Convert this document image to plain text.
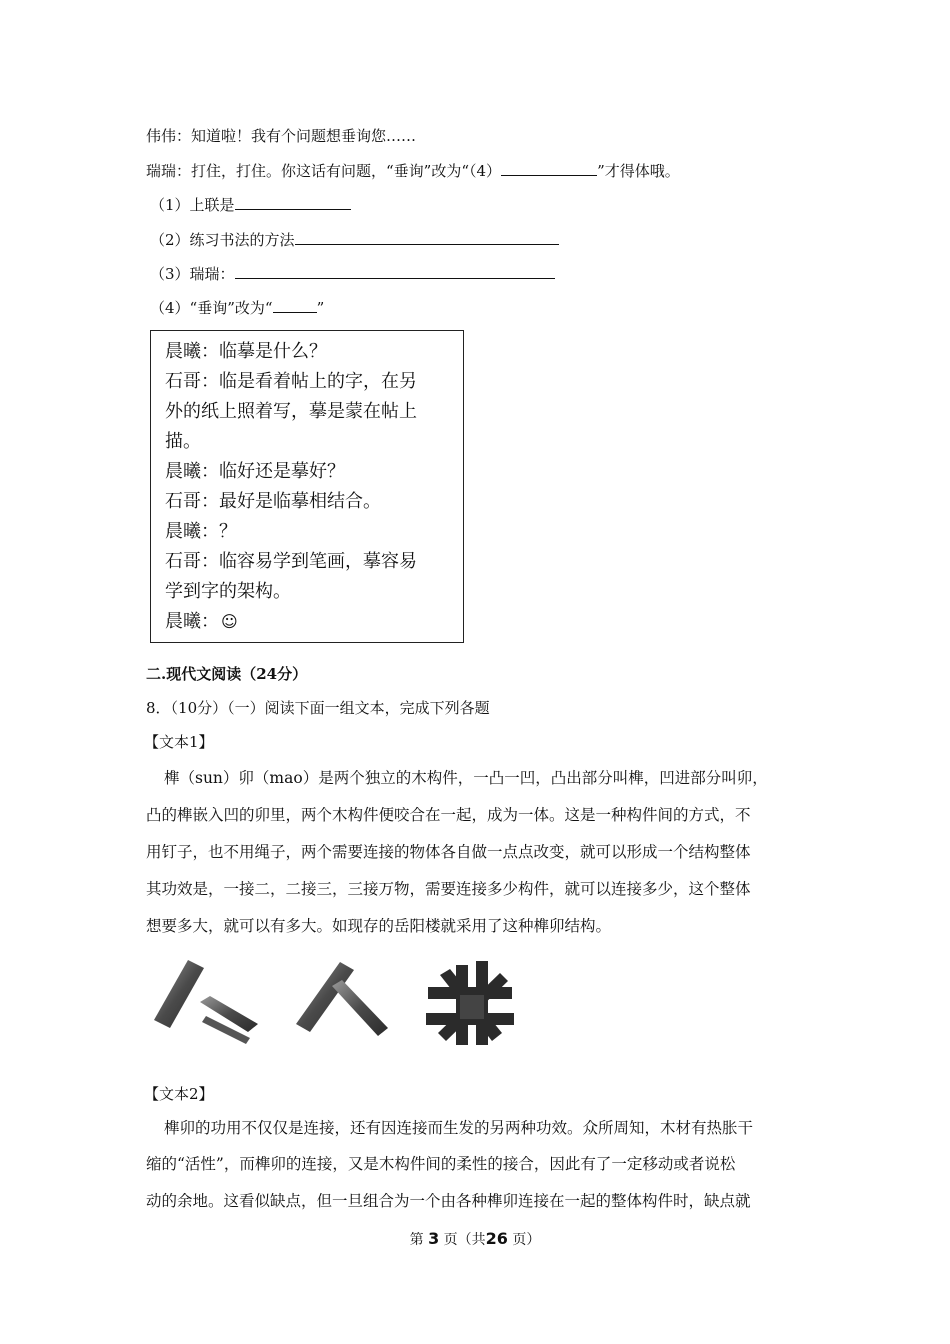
伟伟：知道啦！我有个问题想垂询您……
瑞瑞：打住，打住。你这话有问题，“垂询”改为“（4）	”才得体哦。
（1）上联是
（2）练习书法的方法
（3）瑞瑞：
（4）“垂询”改为“	”
晨曦：临摹是什么？
石哥：临是看着帖上的字，在另
外的纸上照着写，摹是蒙在帖上
描。
晨曦：临好还是摹好？
石哥：最好是临摹相结合。
晨曦：？
石哥：临容易学到笔画，摹容易
学到字的架构。
晨曦： ☺
二.现代文阅读（24分）
8．（10分）（一）阅读下面一组文本，完成下列各题
【文本1】
榫（sun）卯（mao）是两个独立的木构件，一凸一凹，凸出部分叫榫，凹进部分叫卯，
凸的榫嵌入凹的卯里，两个木构件便咬合在一起，成为一体。这是一种构件间的方式，不
用钉子，也不用绳子，两个需要连接的物体各自做一点点改变，就可以形成一个结构整体
其功效是，一接二，二接三，三接万物，需要连接多少构件，就可以连接多少，这个整体
想要多大，就可以有多大。如现存的岳阳楼就采用了这种榫卯结构。
【文本2】
榫卯的功用不仅仅是连接，还有因连接而生发的另两种功效。众所周知，木材有热胀干
缩的“活性”，而榫卯的连接，又是木构件间的柔性的接合，因此有了一定移动或者说松
动的余地。这看似缺点，但一旦组合为一个由各种榫卯连接在一起的整体构件时，缺点就
第 3 页（共26 页）
